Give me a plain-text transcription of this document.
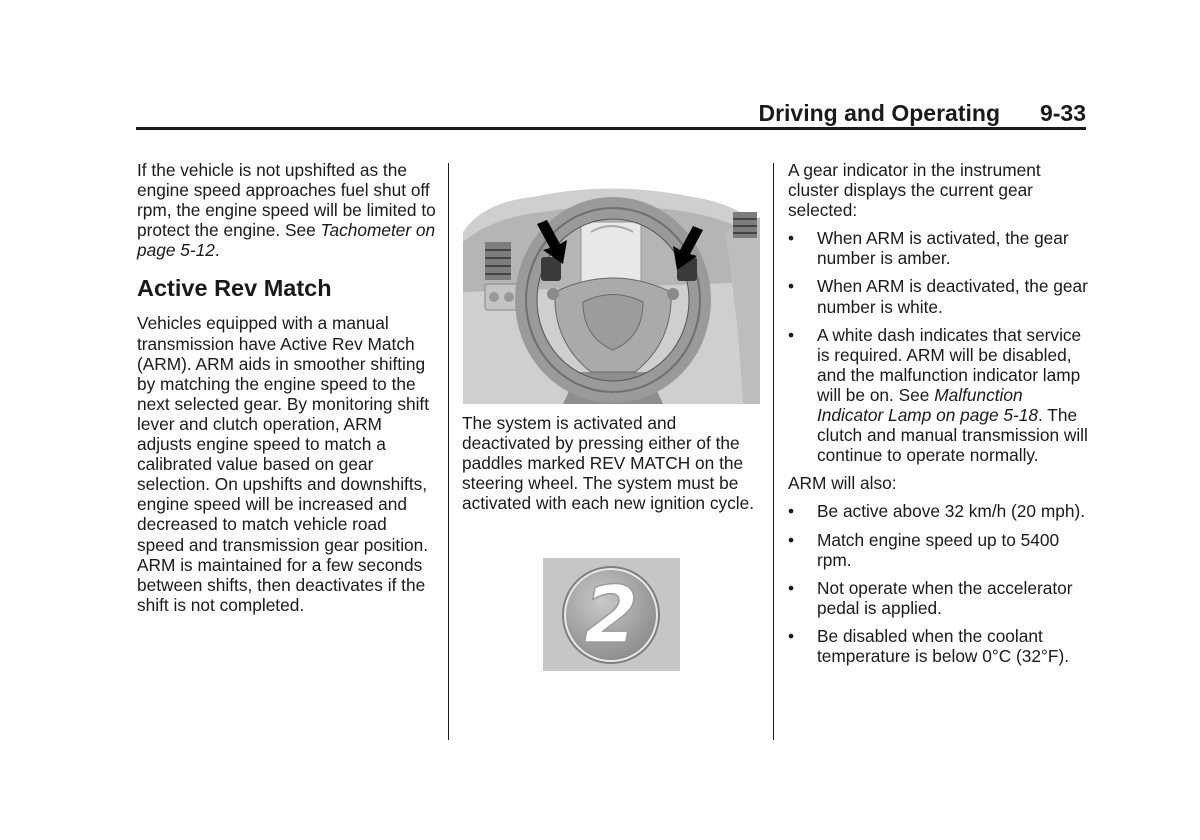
Driving and Operating	9-33

If the vehicle is not upshifted as the engine speed approaches fuel shut off rpm, the engine speed will be limited to protect the engine. See Tachometer on page 5-12.

Active Rev Match

Vehicles equipped with a manual transmission have Active Rev Match (ARM). ARM aids in smoother shifting by matching the engine speed to the next selected gear. By monitoring shift lever and clutch operation, ARM adjusts engine speed to match a calibrated value based on gear selection. On upshifts and downshifts, engine speed will be increased and decreased to match vehicle road speed and transmission gear position. ARM is maintained for a few seconds between shifts, then deactivates if the shift is not completed.

The system is activated and deactivated by pressing either of the paddles marked REV MATCH on the steering wheel. The system must be activated with each new ignition cycle.

2

A gear indicator in the instrument cluster displays the current gear selected:

• When ARM is activated, the gear number is amber.
• When ARM is deactivated, the gear number is white.
• A white dash indicates that service is required. ARM will be disabled, and the malfunction indicator lamp will be on. See Malfunction Indicator Lamp on page 5-18. The clutch and manual transmission will continue to operate normally.

ARM will also:

• Be active above 32 km/h (20 mph).
• Match engine speed up to 5400 rpm.
• Not operate when the accelerator pedal is applied.
• Be disabled when the coolant temperature is below 0°C (32°F).
